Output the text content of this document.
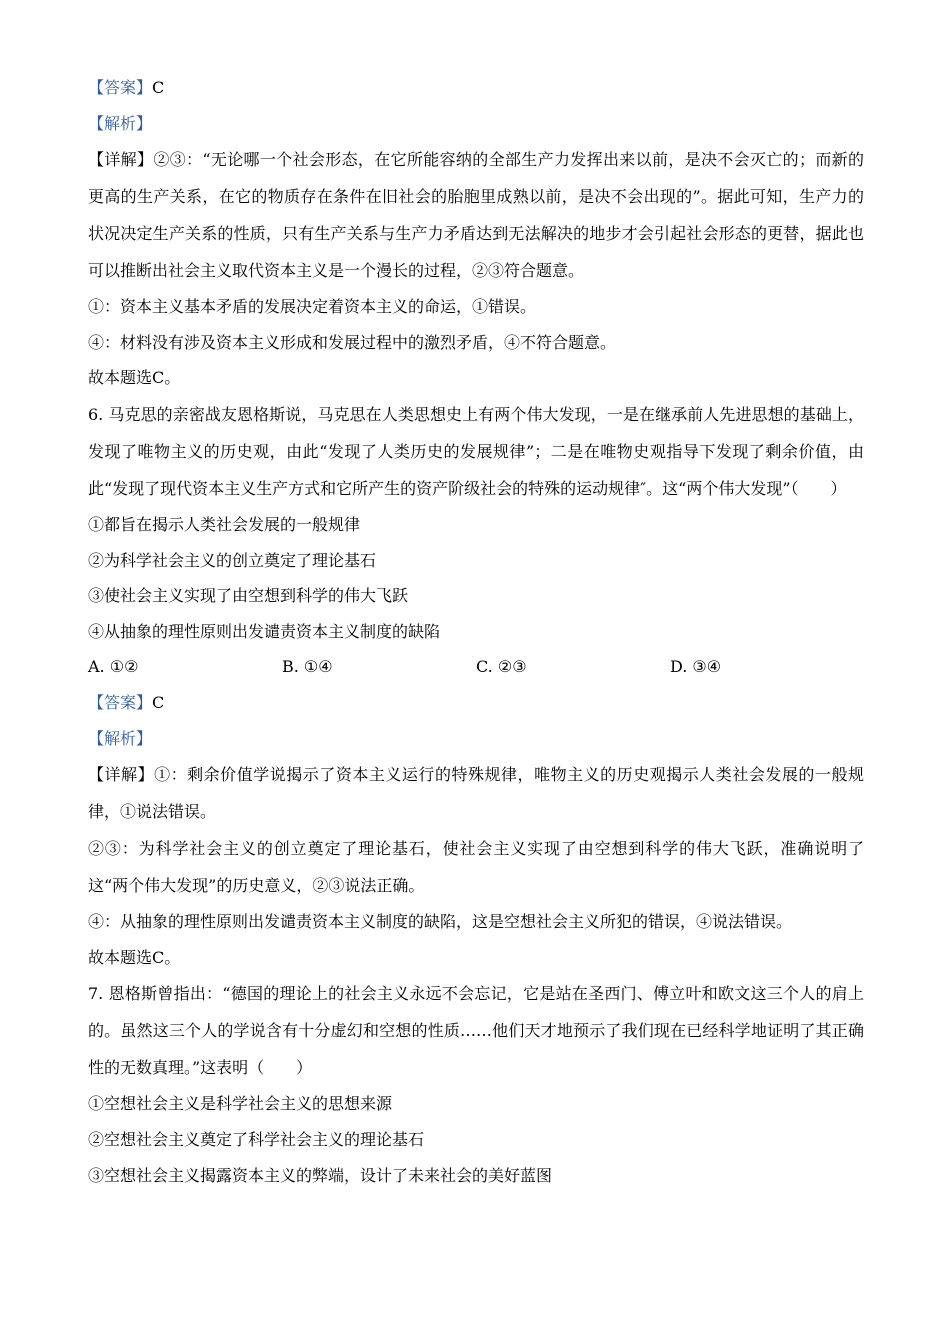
【答案】C
【解析】
【详解】②③：“无论哪一个社会形态，在它所能容纳的全部生产力发挥出来以前，是决不会灭亡的；而新的更高的生产关系，在它的物质存在条件在旧社会的胎胞里成熟以前，是决不会出现的”。据此可知，生产力的状况决定生产关系的性质，只有生产关系与生产力矛盾达到无法解决的地步才会引起社会形态的更替，据此也可以推断出社会主义取代资本主义是一个漫长的过程，②③符合题意。
①：资本主义基本矛盾的发展决定着资本主义的命运，①错误。
④：材料没有涉及资本主义形成和发展过程中的激烈矛盾，④不符合题意。
故本题选C。
6. 马克思的亲密战友恩格斯说，马克思在人类思想史上有两个伟大发现，一是在继承前人先进思想的基础上，发现了唯物主义的历史观，由此“发现了人类历史的发展规律”；二是在唯物史观指导下发现了剩余价值，由此“发现了现代资本主义生产方式和它所产生的资产阶级社会的特殊的运动规律″。这“两个伟大发现”（　　）
①都旨在揭示人类社会发展的一般规律
②为科学社会主义的创立奠定了理论基石
③使社会主义实现了由空想到科学的伟大飞跃
④从抽象的理性原则出发谴责资本主义制度的缺陷
A. ①②	B. ①④	C. ②③	D. ③④
【答案】C
【解析】
【详解】①：剩余价值学说揭示了资本主义运行的特殊规律，唯物主义的历史观揭示人类社会发展的一般规律，①说法错误。
②③：为科学社会主义的创立奠定了理论基石，使社会主义实现了由空想到科学的伟大飞跃，准确说明了这“两个伟大发现”的历史意义，②③说法正确。
④：从抽象的理性原则出发谴责资本主义制度的缺陷，这是空想社会主义所犯的错误，④说法错误。
故本题选C。
7. 恩格斯曾指出：“德国的理论上的社会主义永远不会忘记，它是站在圣西门、傅立叶和欧文这三个人的肩上的。虽然这三个人的学说含有十分虚幻和空想的性质……他们天才地预示了我们现在已经科学地证明了其正确性的无数真理。”这表明（　　）
①空想社会主义是科学社会主义的思想来源
②空想社会主义奠定了科学社会主义的理论基石
③空想社会主义揭露资本主义的弊端，设计了未来社会的美好蓝图
